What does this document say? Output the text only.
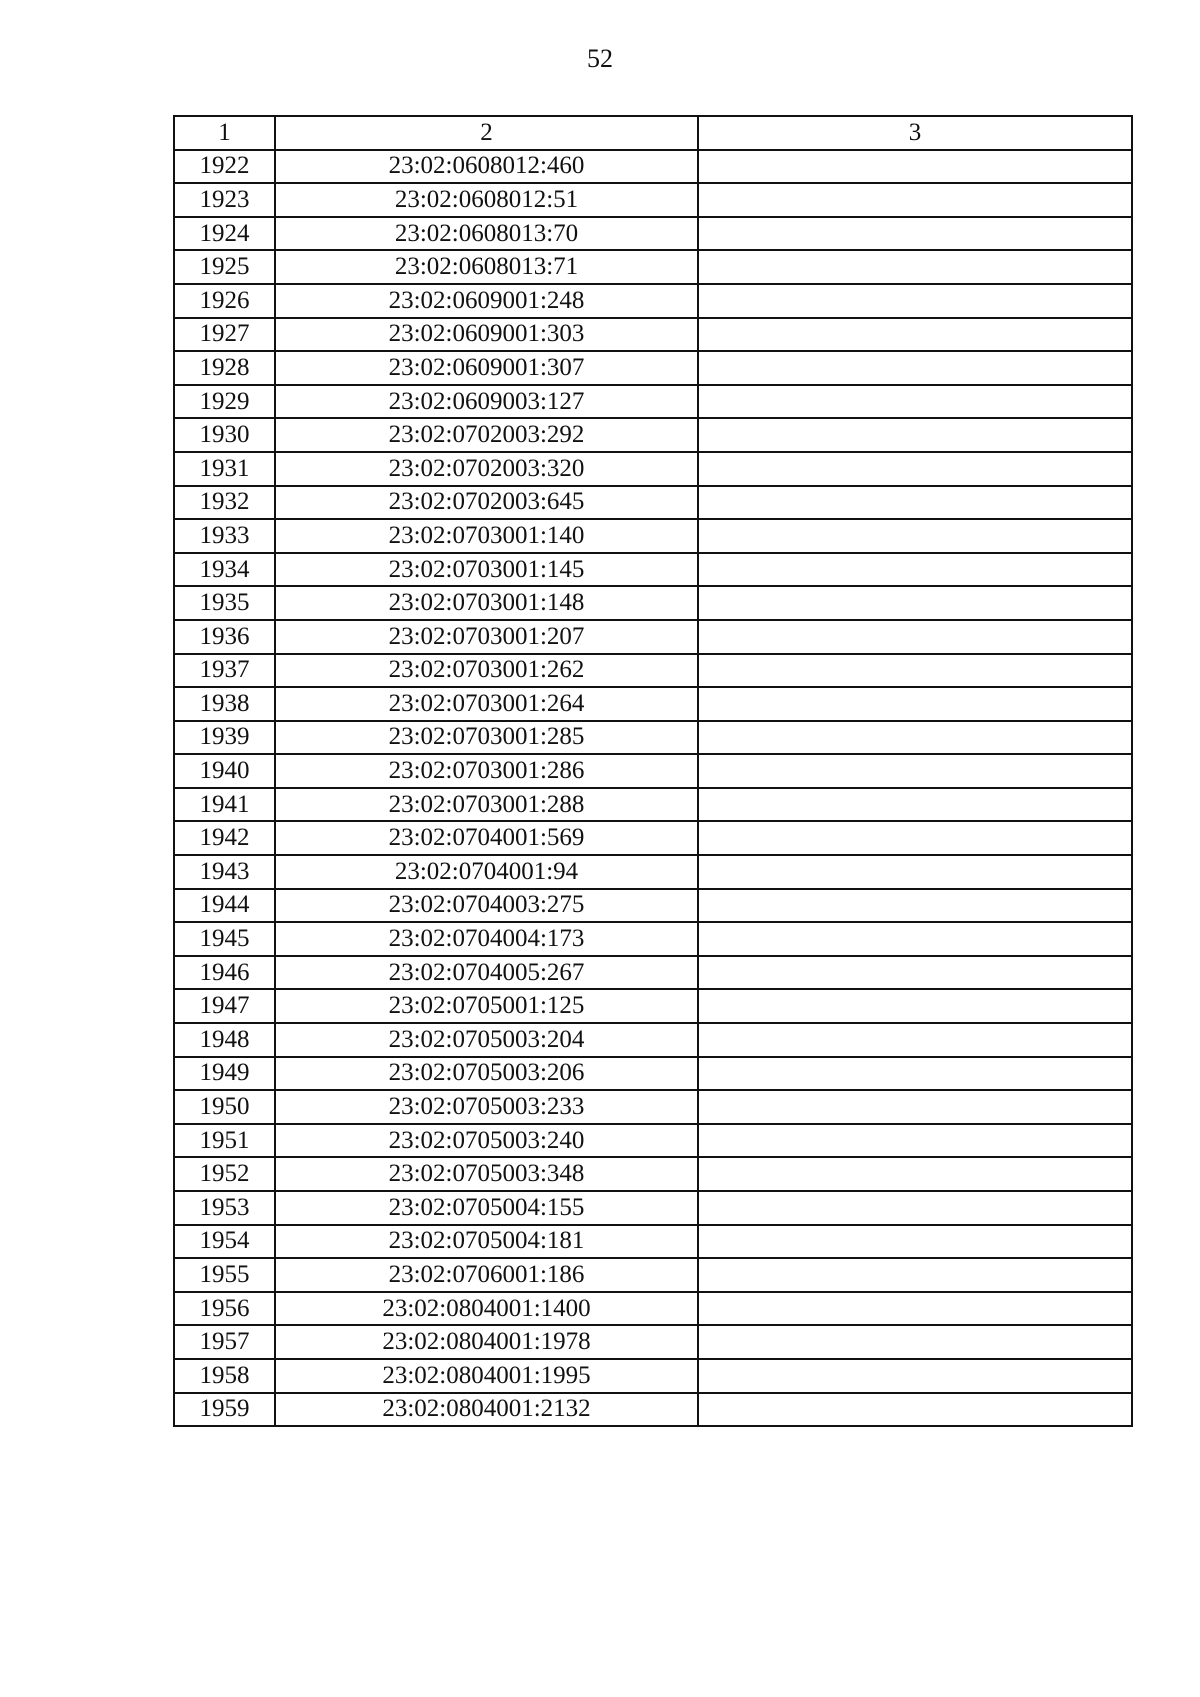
52
1	2	3
1922	23:02:0608012:460	
1923	23:02:0608012:51	
1924	23:02:0608013:70	
1925	23:02:0608013:71	
1926	23:02:0609001:248	
1927	23:02:0609001:303	
1928	23:02:0609001:307	
1929	23:02:0609003:127	
1930	23:02:0702003:292	
1931	23:02:0702003:320	
1932	23:02:0702003:645	
1933	23:02:0703001:140	
1934	23:02:0703001:145	
1935	23:02:0703001:148	
1936	23:02:0703001:207	
1937	23:02:0703001:262	
1938	23:02:0703001:264	
1939	23:02:0703001:285	
1940	23:02:0703001:286	
1941	23:02:0703001:288	
1942	23:02:0704001:569	
1943	23:02:0704001:94	
1944	23:02:0704003:275	
1945	23:02:0704004:173	
1946	23:02:0704005:267	
1947	23:02:0705001:125	
1948	23:02:0705003:204	
1949	23:02:0705003:206	
1950	23:02:0705003:233	
1951	23:02:0705003:240	
1952	23:02:0705003:348	
1953	23:02:0705004:155	
1954	23:02:0705004:181	
1955	23:02:0706001:186	
1956	23:02:0804001:1400	
1957	23:02:0804001:1978	
1958	23:02:0804001:1995	
1959	23:02:0804001:2132	
